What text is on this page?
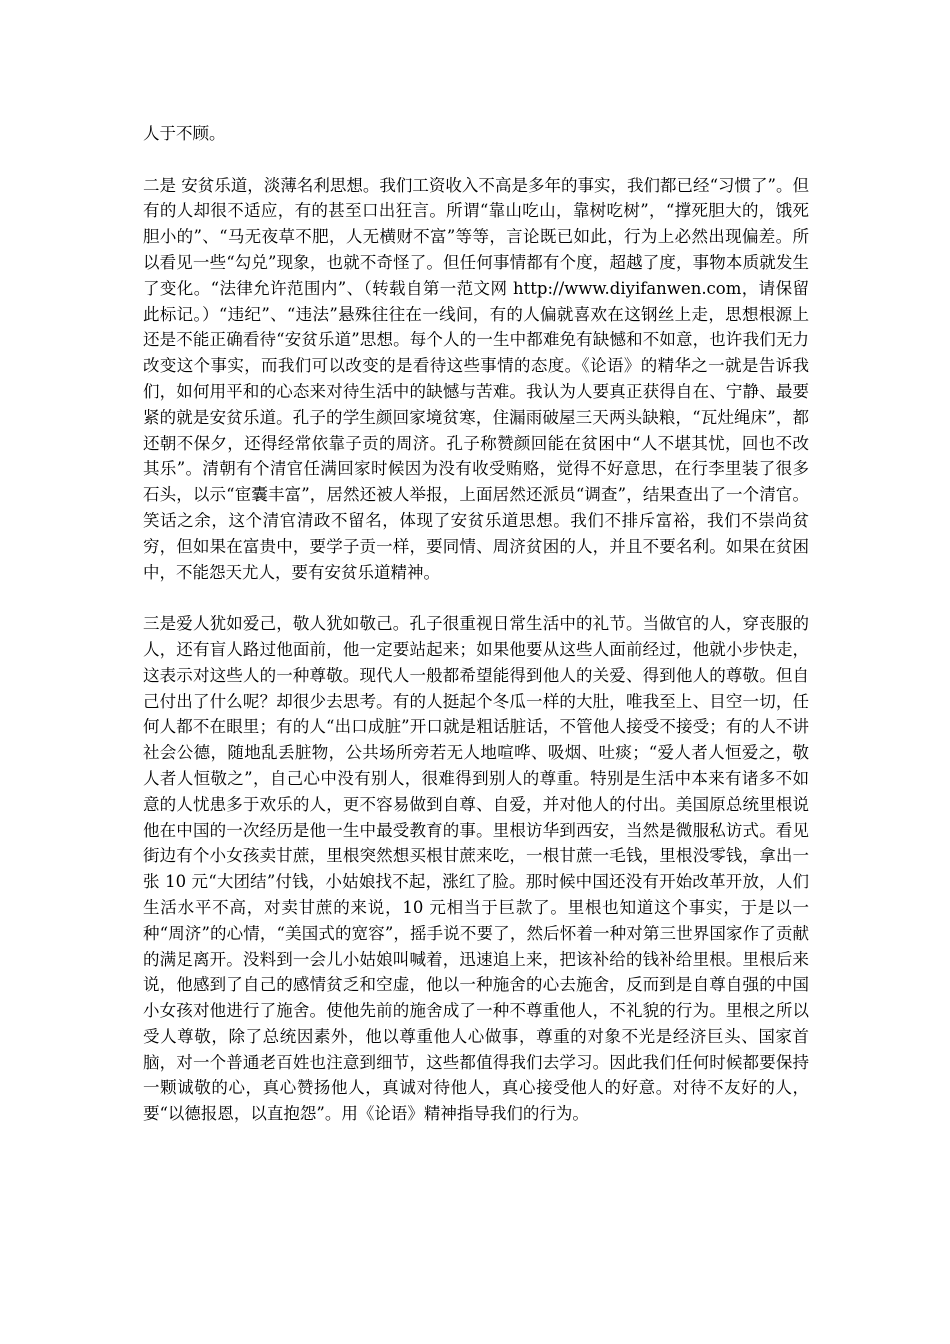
人于不顾。

二是 安贫乐道，淡薄名利思想。我们工资收入不高是多年的事实，我们都已经“习惯了”。但有的人却很不适应，有的甚至口出狂言。所谓“靠山吃山，靠树吃树”，“撑死胆大的，饿死胆小的”、“马无夜草不肥，人无横财不富”等等，言论既已如此，行为上必然出现偏差。所以看见一些“勾兑”现象，也就不奇怪了。但任何事情都有个度，超越了度，事物本质就发生了变化。“法律允许范围内”、（转载自第一范文网 http://www.diyifanwen.com，请保留此标记。）“违纪”、“违法”悬殊往往在一线间，有的人偏就喜欢在这钢丝上走，思想根源上还是不能正确看待“安贫乐道”思想。每个人的一生中都难免有缺憾和不如意，也许我们无力改变这个事实，而我们可以改变的是看待这些事情的态度。《论语》的精华之一就是告诉我们，如何用平和的心态来对待生活中的缺憾与苦难。我认为人要真正获得自在、宁静、最要紧的就是安贫乐道。孔子的学生颜回家境贫寒，住漏雨破屋三天两头缺粮，“瓦灶绳床”，都还朝不保夕，还得经常依靠子贡的周济。孔子称赞颜回能在贫困中“人不堪其忧，回也不改其乐”。清朝有个清官任满回家时候因为没有收受贿赂，觉得不好意思，在行李里装了很多石头，以示“宦囊丰富”，居然还被人举报，上面居然还派员“调查”，结果查出了一个清官。笑话之余，这个清官清政不留名，体现了安贫乐道思想。我们不排斥富裕，我们不崇尚贫穷，但如果在富贵中，要学子贡一样，要同情、周济贫困的人，并且不要名利。如果在贫困中，不能怨天尤人，要有安贫乐道精神。

三是爱人犹如爱己，敬人犹如敬己。孔子很重视日常生活中的礼节。当做官的人，穿丧服的人，还有盲人路过他面前，他一定要站起来；如果他要从这些人面前经过，他就小步快走，这表示对这些人的一种尊敬。现代人一般都希望能得到他人的关爱、得到他人的尊敬。但自己付出了什么呢？却很少去思考。有的人挺起个冬瓜一样的大肚，唯我至上、目空一切，任何人都不在眼里；有的人“出口成脏”开口就是粗话脏话，不管他人接受不接受；有的人不讲社会公德，随地乱丢脏物，公共场所旁若无人地喧哗、吸烟、吐痰；“爱人者人恒爱之，敬人者人恒敬之”，自己心中没有别人，很难得到别人的尊重。特别是生活中本来有诸多不如意的人忧患多于欢乐的人，更不容易做到自尊、自爱，并对他人的付出。美国原总统里根说他在中国的一次经历是他一生中最受教育的事。里根访华到西安，当然是微服私访式。看见街边有个小女孩卖甘蔗，里根突然想买根甘蔗来吃，一根甘蔗一毛钱，里根没零钱，拿出一张 10 元“大团结”付钱，小姑娘找不起，涨红了脸。那时候中国还没有开始改革开放，人们生活水平不高，对卖甘蔗的来说，10 元相当于巨款了。里根也知道这个事实，于是以一种“周济”的心情，“美国式的宽容”，摇手说不要了，然后怀着一种对第三世界国家作了贡献的满足离开。没料到一会儿小姑娘叫喊着，迅速追上来，把该补给的钱补给里根。里根后来说，他感到了自己的感情贫乏和空虚，他以一种施舍的心去施舍，反而到是自尊自强的中国小女孩对他进行了施舍。使他先前的施舍成了一种不尊重他人，不礼貌的行为。里根之所以受人尊敬，除了总统因素外，他以尊重他人心做事，尊重的对象不光是经济巨头、国家首脑，对一个普通老百姓也注意到细节，这些都值得我们去学习。因此我们任何时候都要保持一颗诚敬的心，真心赞扬他人，真诚对待他人，真心接受他人的好意。对待不友好的人，要“以德报恩，以直抱怨”。用《论语》精神指导我们的行为。
